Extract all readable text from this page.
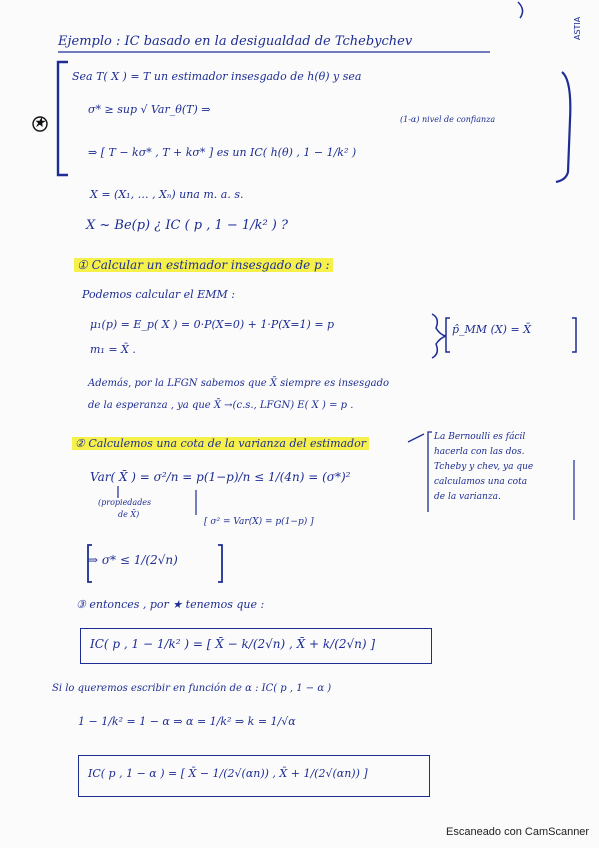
ASTIA
Ejemplo : IC basado en la desigualdad de Tchebychev
★
Sea T( X ) = T un estimador insesgado de h(θ) y sea
σ* ≥ sup √ Var_θ(T) ⇒
(1-α) nivel de confianza
⇒ [ T − kσ* , T + kσ* ] es un IC( h(θ) , 1 − 1/k² )
X = (X₁, … , Xₙ) una m. a. s.
X ~ Be(p) ¿ IC ( p , 1 − 1/k² ) ?
① Calcular un estimador insesgado de p :
Podemos calcular el EMM :
μ₁(p) = E_p( X ) = 0·P(X=0) + 1·P(X=1) = p
m₁ = X̄ .
p̂_MM (X) = X̄
Además, por la LFGN sabemos que X̄ siempre es insesgado
de la esperanza , ya que X̄ →(c.s., LFGN) E( X ) = p .
② Calculemos una cota de la varianza del estimador	La Bernoulli es fácil
hacerla con las dos.
Tcheby y chev, ya que
calculamos una cota
de la varianza.
Var( X̄ ) = σ²/n = p(1−p)/n ≤ 1/(4n) = (σ*)²
(propiedades
de X̄)
[ σ² = Var(X) = p(1−p) ]
⇒ σ* ≤ 1/(2√n)
③ entonces , por ★ tenemos que :
IC( p , 1 − 1/k² ) = [ X̄ − k/(2√n) , X̄ + k/(2√n) ]
Si lo queremos escribir en función de α : IC( p , 1 − α )
1 − 1/k² = 1 − α ⇒ α = 1/k² ⇒ k = 1/√α
IC( p , 1 − α ) = [ X̄ − 1/(2√(αn)) , X̄ + 1/(2√(αn)) ]
Escaneado con CamScanner
